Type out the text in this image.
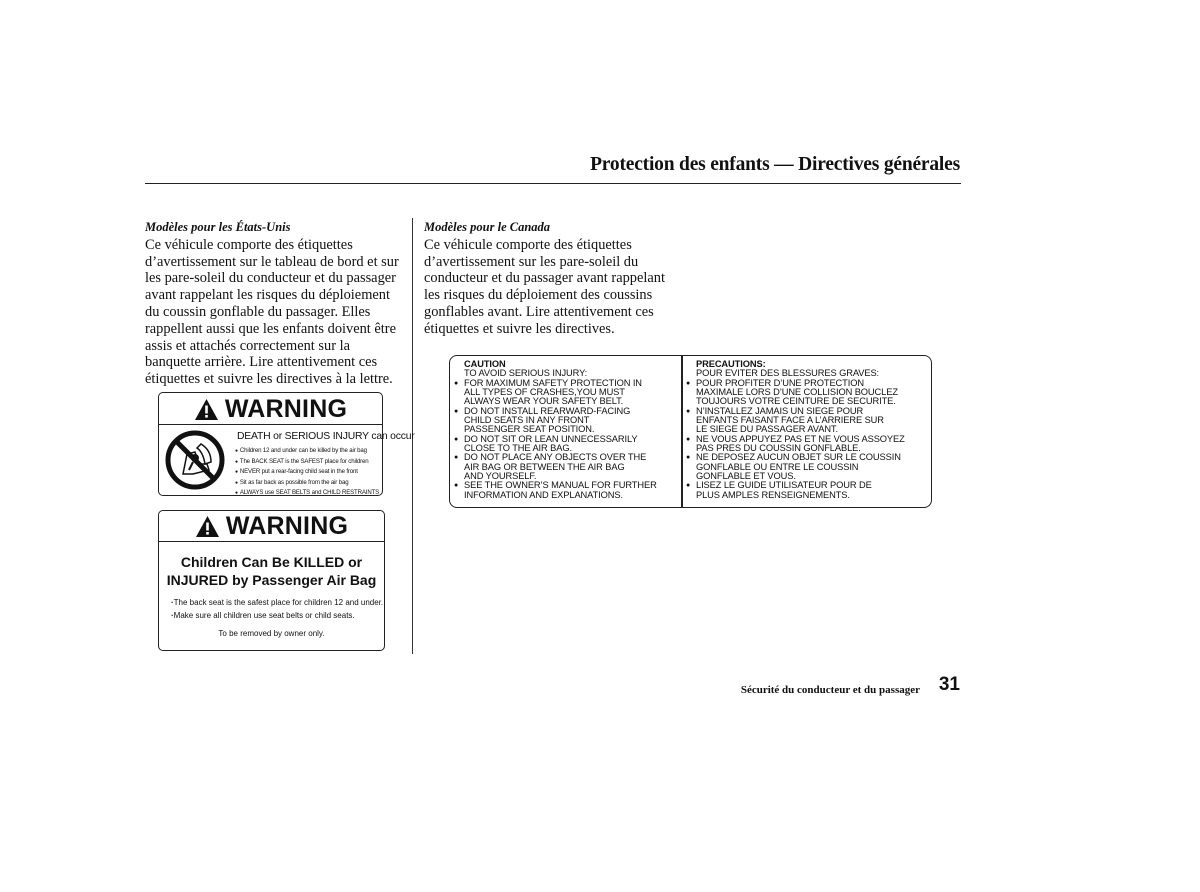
Protection des enfants — Directives générales
Modèles pour les États-Unis
Ce véhicule comporte des étiquettes d’avertissement sur le tableau de bord et sur les pare-soleil du conducteur et du passager avant rappelant les risques du déploiement du coussin gonflable du passager. Elles rappellent aussi que les enfants doivent être assis et attachés correctement sur la banquette arrière. Lire attentivement ces étiquettes et suivre les directives à la lettre.
Modèles pour le Canada
Ce véhicule comporte des étiquettes d’avertissement sur les pare-soleil du conducteur et du passager avant rappelant les risques du déploiement des coussins gonflables avant. Lire attentivement ces étiquettes et suivre les directives.
WARNING
DEATH or SERIOUS INJURY can occur
● Children 12 and under can be killed by the air bag
● The BACK SEAT is the SAFEST place for children
● NEVER put a rear-facing child seat in the front
● Sit as far back as possible from the air bag
● ALWAYS use SEAT BELTS and CHILD RESTRAINTS
WARNING
Children Can Be KILLED or
INJURED by Passenger Air Bag
· The back seat is the safest place for children 12 and under.
· Make sure all children use seat belts or child seats.
To be removed by owner only.
CAUTION
TO AVOID SERIOUS INJURY:
● FOR MAXIMUM SAFETY PROTECTION IN
ALL TYPES OF CRASHES,YOU MUST
ALWAYS WEAR YOUR SAFETY BELT.
● DO NOT INSTALL REARWARD-FACING
CHILD SEATS IN ANY FRONT
PASSENGER SEAT POSITION.
● DO NOT SIT OR LEAN UNNECESSARILY
CLOSE TO THE AIR BAG.
● DO NOT PLACE ANY OBJECTS OVER THE
AIR BAG OR BETWEEN THE AIR BAG
AND YOURSELF.
● SEE THE OWNER’S MANUAL FOR FURTHER
INFORMATION AND EXPLANATIONS.
PRECAUTIONS:
POUR EVITER DES BLESSURES GRAVES:
● POUR PROFITER D’UNE PROTECTION
MAXIMALE LORS D’UNE COLLISION BOUCLEZ
TOUJOURS VOTRE CEINTURE DE SECURITE.
● N’INSTALLEZ JAMAIS UN SIEGE POUR
ENFANTS FAISANT FACE A L’ARRIERE SUR
LE SIEGE DU PASSAGER AVANT.
● NE VOUS APPUYEZ PAS ET NE VOUS ASSOYEZ
PAS PRES DU COUSSIN GONFLABLE.
● NE DEPOSEZ AUCUN OBJET SUR LE COUSSIN
GONFLABLE OU ENTRE LE COUSSIN
GONFLABLE ET VOUS.
● LISEZ LE GUIDE UTILISATEUR POUR DE
PLUS AMPLES RENSEIGNEMENTS.
Sécurité du conducteur et du passager 31
